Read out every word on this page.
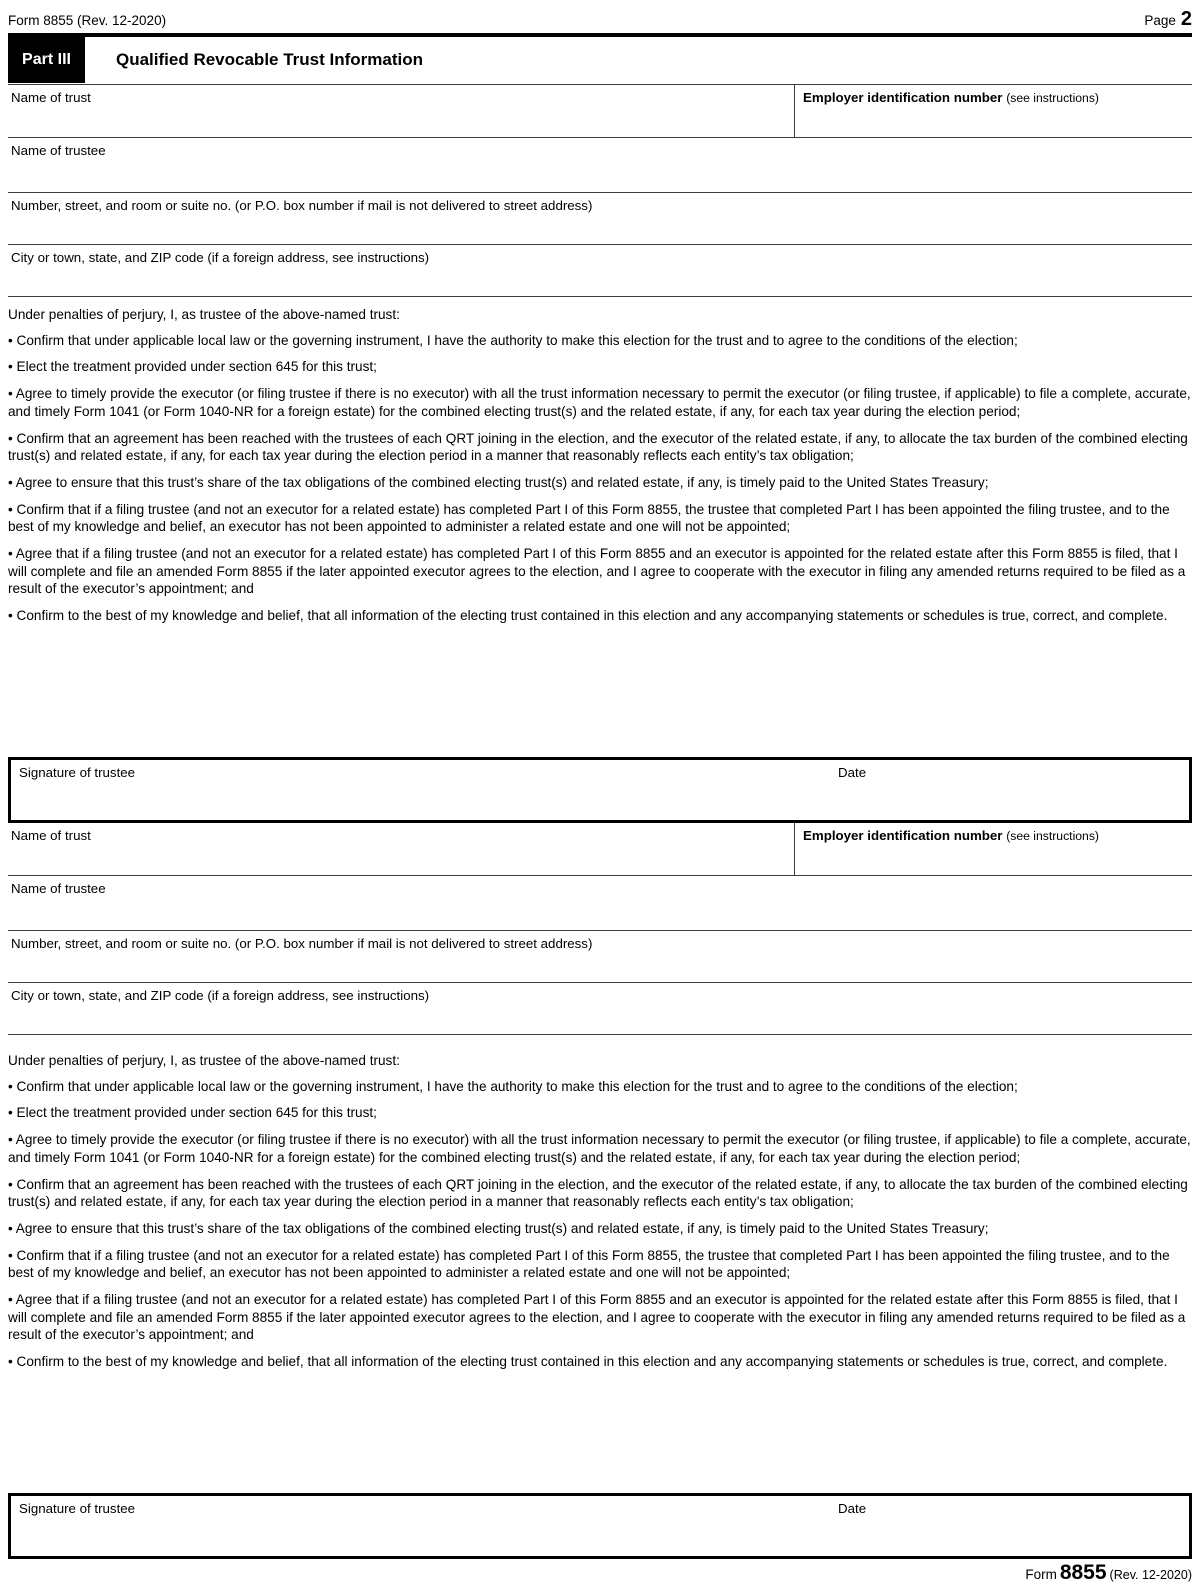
Form 8855 (Rev. 12-2020)	Page 2
Part III	Qualified Revocable Trust Information
Name of trust	Employer identification number (see instructions)
Name of trustee
Number, street, and room or suite no. (or P.O. box number if mail is not delivered to street address)
City or town, state, and ZIP code (if a foreign address, see instructions)

Under penalties of perjury, I, as trustee of the above-named trust:

• Confirm that under applicable local law or the governing instrument, I have the authority to make this election for the trust and to agree to the conditions of the election;

• Elect the treatment provided under section 645 for this trust;

• Agree to timely provide the executor (or filing trustee if there is no executor) with all the trust information necessary to permit the executor (or filing trustee, if applicable) to file a complete, accurate, and timely Form 1041 (or Form 1040-NR for a foreign estate) for the combined electing trust(s) and the related estate, if any, for each tax year during the election period;

• Confirm that an agreement has been reached with the trustees of each QRT joining in the election, and the executor of the related estate, if any, to allocate the tax burden of the combined electing trust(s) and related estate, if any, for each tax year during the election period in a manner that reasonably reflects each entity’s tax obligation;

• Agree to ensure that this trust’s share of the tax obligations of the combined electing trust(s) and related estate, if any, is timely paid to the United States Treasury;

• Confirm that if a filing trustee (and not an executor for a related estate) has completed Part I of this Form 8855, the trustee that completed Part I has been appointed the filing trustee, and to the best of my knowledge and belief, an executor has not been appointed to administer a related estate and one will not be appointed;

• Agree that if a filing trustee (and not an executor for a related estate) has completed Part I of this Form 8855 and an executor is appointed for the related estate after this Form 8855 is filed, that I will complete and file an amended Form 8855 if the later appointed executor agrees to the election, and I agree to cooperate with the executor in filing any amended returns required to be filed as a result of the executor’s appointment; and

• Confirm to the best of my knowledge and belief, that all information of the electing trust contained in this election and any accompanying statements or schedules is true, correct, and complete.

Signature of trustee	Date
Name of trust	Employer identification number (see instructions)
Name of trustee
Number, street, and room or suite no. (or P.O. box number if mail is not delivered to street address)
City or town, state, and ZIP code (if a foreign address, see instructions)

Under penalties of perjury, I, as trustee of the above-named trust:

• Confirm that under applicable local law or the governing instrument, I have the authority to make this election for the trust and to agree to the conditions of the election;

• Elect the treatment provided under section 645 for this trust;

• Agree to timely provide the executor (or filing trustee if there is no executor) with all the trust information necessary to permit the executor (or filing trustee, if applicable) to file a complete, accurate, and timely Form 1041 (or Form 1040-NR for a foreign estate) for the combined electing trust(s) and the related estate, if any, for each tax year during the election period;

• Confirm that an agreement has been reached with the trustees of each QRT joining in the election, and the executor of the related estate, if any, to allocate the tax burden of the combined electing trust(s) and related estate, if any, for each tax year during the election period in a manner that reasonably reflects each entity’s tax obligation;

• Agree to ensure that this trust’s share of the tax obligations of the combined electing trust(s) and related estate, if any, is timely paid to the United States Treasury;

• Confirm that if a filing trustee (and not an executor for a related estate) has completed Part I of this Form 8855, the trustee that completed Part I has been appointed the filing trustee, and to the best of my knowledge and belief, an executor has not been appointed to administer a related estate and one will not be appointed;

• Agree that if a filing trustee (and not an executor for a related estate) has completed Part I of this Form 8855 and an executor is appointed for the related estate after this Form 8855 is filed, that I will complete and file an amended Form 8855 if the later appointed executor agrees to the election, and I agree to cooperate with the executor in filing any amended returns required to be filed as a result of the executor’s appointment; and

• Confirm to the best of my knowledge and belief, that all information of the electing trust contained in this election and any accompanying statements or schedules is true, correct, and complete.

Signature of trustee	Date
Form 8855 (Rev. 12-2020)
